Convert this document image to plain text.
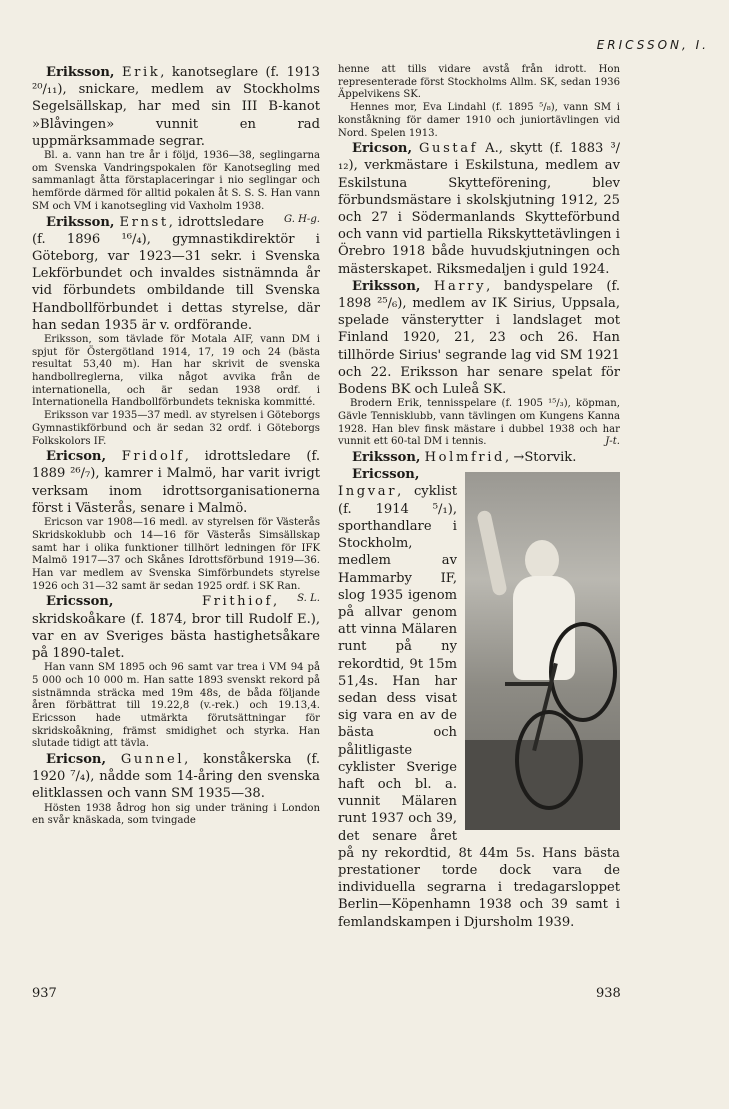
ERICSSON, I.

Eriksson, Erik, kanotseglare (f. 1913 ²⁰/₁₁), snickare, medlem av Stockholms Segelsällskap, har med sin III B-kanot »Blåvingen» vunnit en rad uppmärksammade segrar.

Bl. a. vann han tre år i följd, 1936—38, seglingarna om Svenska Vandringspokalen för Kanotsegling med sammanlagt åtta förstaplaceringar i nio seglingar och hemförde därmed för alltid pokalen åt S. S. S. Han vann SM och VM i kanotsegling vid Vaxholm 1938.
G. H-g.

Eriksson, Ernst, idrottsledare (f. 1896 ¹⁶/₄), gymnastikdirektör i Göteborg, var 1923—31 sekr. i Svenska Lekförbundet och invaldes sistnämnda år vid förbundets ombildande till Svenska Handbollförbundet i dettas styrelse, där han sedan 1935 är v. ordförande.

Eriksson, som tävlade för Motala AIF, vann DM i spjut för Östergötland 1914, 17, 19 och 24 (bästa resultat 53,40 m). Han har skrivit de svenska handbollreglerna, vilka något avvika från de internationella, och är sedan 1938 ordf. i Internationella Handbollförbundets tekniska kommitté.

Eriksson var 1935—37 medl. av styrelsen i Göteborgs Gymnastikförbund och är sedan 32 ordf. i Göteborgs Folkskolors IF.

Ericson, Fridolf, idrottsledare (f. 1889 ²⁶/₇), kamrer i Malmö, har varit ivrigt verksam inom idrottsorganisationerna först i Västerås, senare i Malmö.

Ericson var 1908—16 medl. av styrelsen för Västerås Skridskoklubb och 14—16 för Västerås Simsällskap samt har i olika funktioner tillhört ledningen för IFK Malmö 1917—37 och Skånes Idrottsförbund 1919—36. Han var medlem av Svenska Simförbundets styrelse 1926 och 31—32 samt är sedan 1925 ordf. i SK Ran.
S. L.

Ericsson,	Frithiof, skridskoåkare (f. 1874, bror till Rudolf E.), var en av Sveriges bästa hastighetsåkare på 1890-talet.

Han vann SM 1895 och 96 samt var trea i VM 94 på 5 000 och 10 000 m. Han satte 1893 svenskt rekord på sistnämnda sträcka med 19m 48s, de båda följande åren förbättrat till 19.22,8 (v.-rek.) och 19.13,4. Ericsson hade utmärkta förutsättningar för skridskoåkning, främst smidighet och styrka. Han slutade tidigt att tävla.

Ericson, Gunnel, konståkerska (f. 1920 ⁷/₄), nådde som 14-åring den svenska elitklassen och vann SM 1935—38.

Hösten 1938 ådrog hon sig under träning i London en svår knäskada, som tvingade

henne att tills vidare avstå från idrott. Hon representerade först Stockholms Allm. SK, sedan 1936 Äppelvikens SK.

Hennes mor, Eva Lindahl (f. 1895 ⁵/₈), vann SM i konståkning för damer 1910 och juniortävlingen vid Nord. Spelen 1913.

Ericson, Gustaf A., skytt (f. 1883 ³/₁₂), verkmästare i Eskilstuna, medlem av Eskilstuna Skytteförening, blev förbundsmästare i skolskjutning 1912, 25 och 27 i Södermanlands Skytteförbund och vann vid partiella Rikskyttetävlingen i Örebro 1918 både huvudskjutningen och mästerskapet. Riksmedaljen i guld 1924.

Eriksson, Harry, bandyspelare (f. 1898 ²⁵/₆), medlem av IK Sirius, Uppsala, spelade vänsterytter i landslaget mot Finland 1920, 21, 23 och 26. Han tillhörde Sirius' segrande lag vid SM 1921 och 22. Eriksson har senare spelat för Bodens BK och Luleå SK.

Brodern Erik, tennisspelare (f. 1905 ¹⁵/₃), köpman, Gävle Tennisklubb, vann tävlingen om Kungens Kanna 1928. Han blev finsk mästare i dubbel 1938 och har vunnit ett 60-tal DM i tennis.	J-t.

Eriksson, Holmfrid, →Storvik.

Ericsson, Ingvar, cyklist (f. 1914 ⁵/₁), sporthandlare i Stockholm, medlem av Hammarby IF, slog 1935 igenom på allvar genom att vinna Mälaren runt på ny rekordtid, 9t 15m 51,4s. Han har sedan dess visat sig vara en av de bästa och pålitligaste cyklister Sverige haft och bl. a. vunnit Mälaren runt 1937 och 39, det senare året på ny rekordtid, 8t 44m 5s. Hans bästa prestationer torde dock vara de individuella segrarna i tredagarsloppet Berlin—Köpenhamn 1938 och 39 samt i femlandskampen i Djursholm 1939.

937	938
